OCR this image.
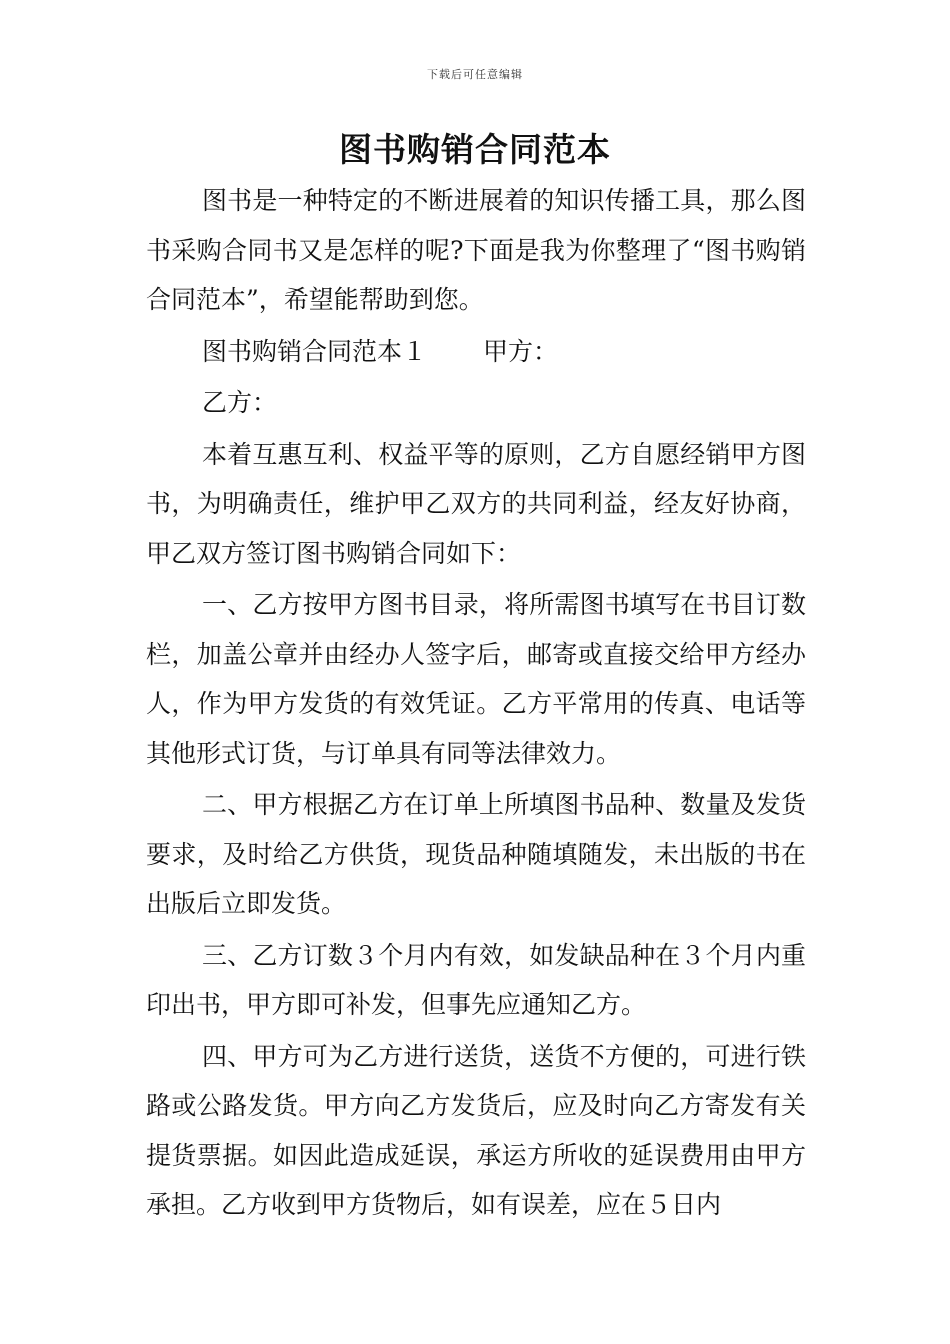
下载后可任意编辑
图书购销合同范本

图书是一种特定的不断进展着的知识传播工具，那么图书采购合同书又是怎样的呢?下面是我为你整理了“图书购销合同范本”，希望能帮助到您。

图书购销合同范本１ 甲方：

乙方：

本着互惠互利、权益平等的原则，乙方自愿经销甲方图书，为明确责任，维护甲乙双方的共同利益，经友好协商，甲乙双方签订图书购销合同如下：

一、乙方按甲方图书目录，将所需图书填写在书目订数栏，加盖公章并由经办人签字后，邮寄或直接交给甲方经办人，作为甲方发货的有效凭证。乙方平常用的传真、电话等其他形式订货，与订单具有同等法律效力。

二、甲方根据乙方在订单上所填图书品种、数量及发货要求，及时给乙方供货，现货品种随填随发，未出版的书在出版后立即发货。

三、乙方订数３个月内有效，如发缺品种在３个月内重印出书，甲方即可补发，但事先应通知乙方。

四、甲方可为乙方进行送货，送货不方便的，可进行铁路或公路发货。甲方向乙方发货后，应及时向乙方寄发有关提货票据。如因此造成延误，承运方所收的延误费用由甲方承担。乙方收到甲方货物后，如有误差，应在５日内
